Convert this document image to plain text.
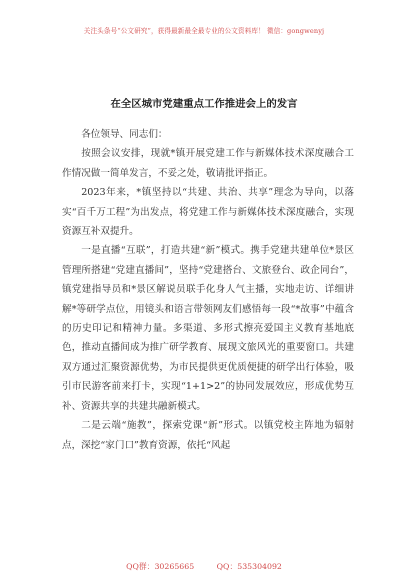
关注头条号“公文研究”，获得最新最全最专业的公文资料库！ 微信：gongwenyj
在全区城市党建重点工作推进会上的发言

各位领导、同志们：

按照会议安排，现就*镇开展党建工作与新媒体技术深度融合工作情况做一简单发言，不妥之处，敬请批评指正。

2023年来，*镇坚持以“共建、共治、共享”理念为导向，以落实“百千万工程”为出发点，将党建工作与新媒体技术深度融合，实现资源互补双提升。

一是直播“互联”，打造共建“新”模式。携手党建共建单位*景区管理所搭建“党建直播间”，坚持“党建搭台、文旅登台、政企同台”，镇党建指导员和*景区解说员联手化身人气主播，实地走访、详细讲解*等研学点位，用镜头和语言带领网友们感悟每一段“*故事”中蕴含的历史印记和精神力量。多渠道、多形式擦亮爱国主义教育基地底色，推动直播间成为推广研学教育、展现文旅风光的重要窗口。共建双方通过汇聚资源优势，为市民提供更优质便捷的研学出行体验，吸引市民游客前来打卡，实现“1+1>2”的协同发展效应，形成优势互补、资源共享的共建共融新模式。

二是云端“施教”，探索党课“新”形式。以镇党校主阵地为辐射点，深挖“家门口”教育资源，依托“风起

QQ群：30265665	QQ：535304092
